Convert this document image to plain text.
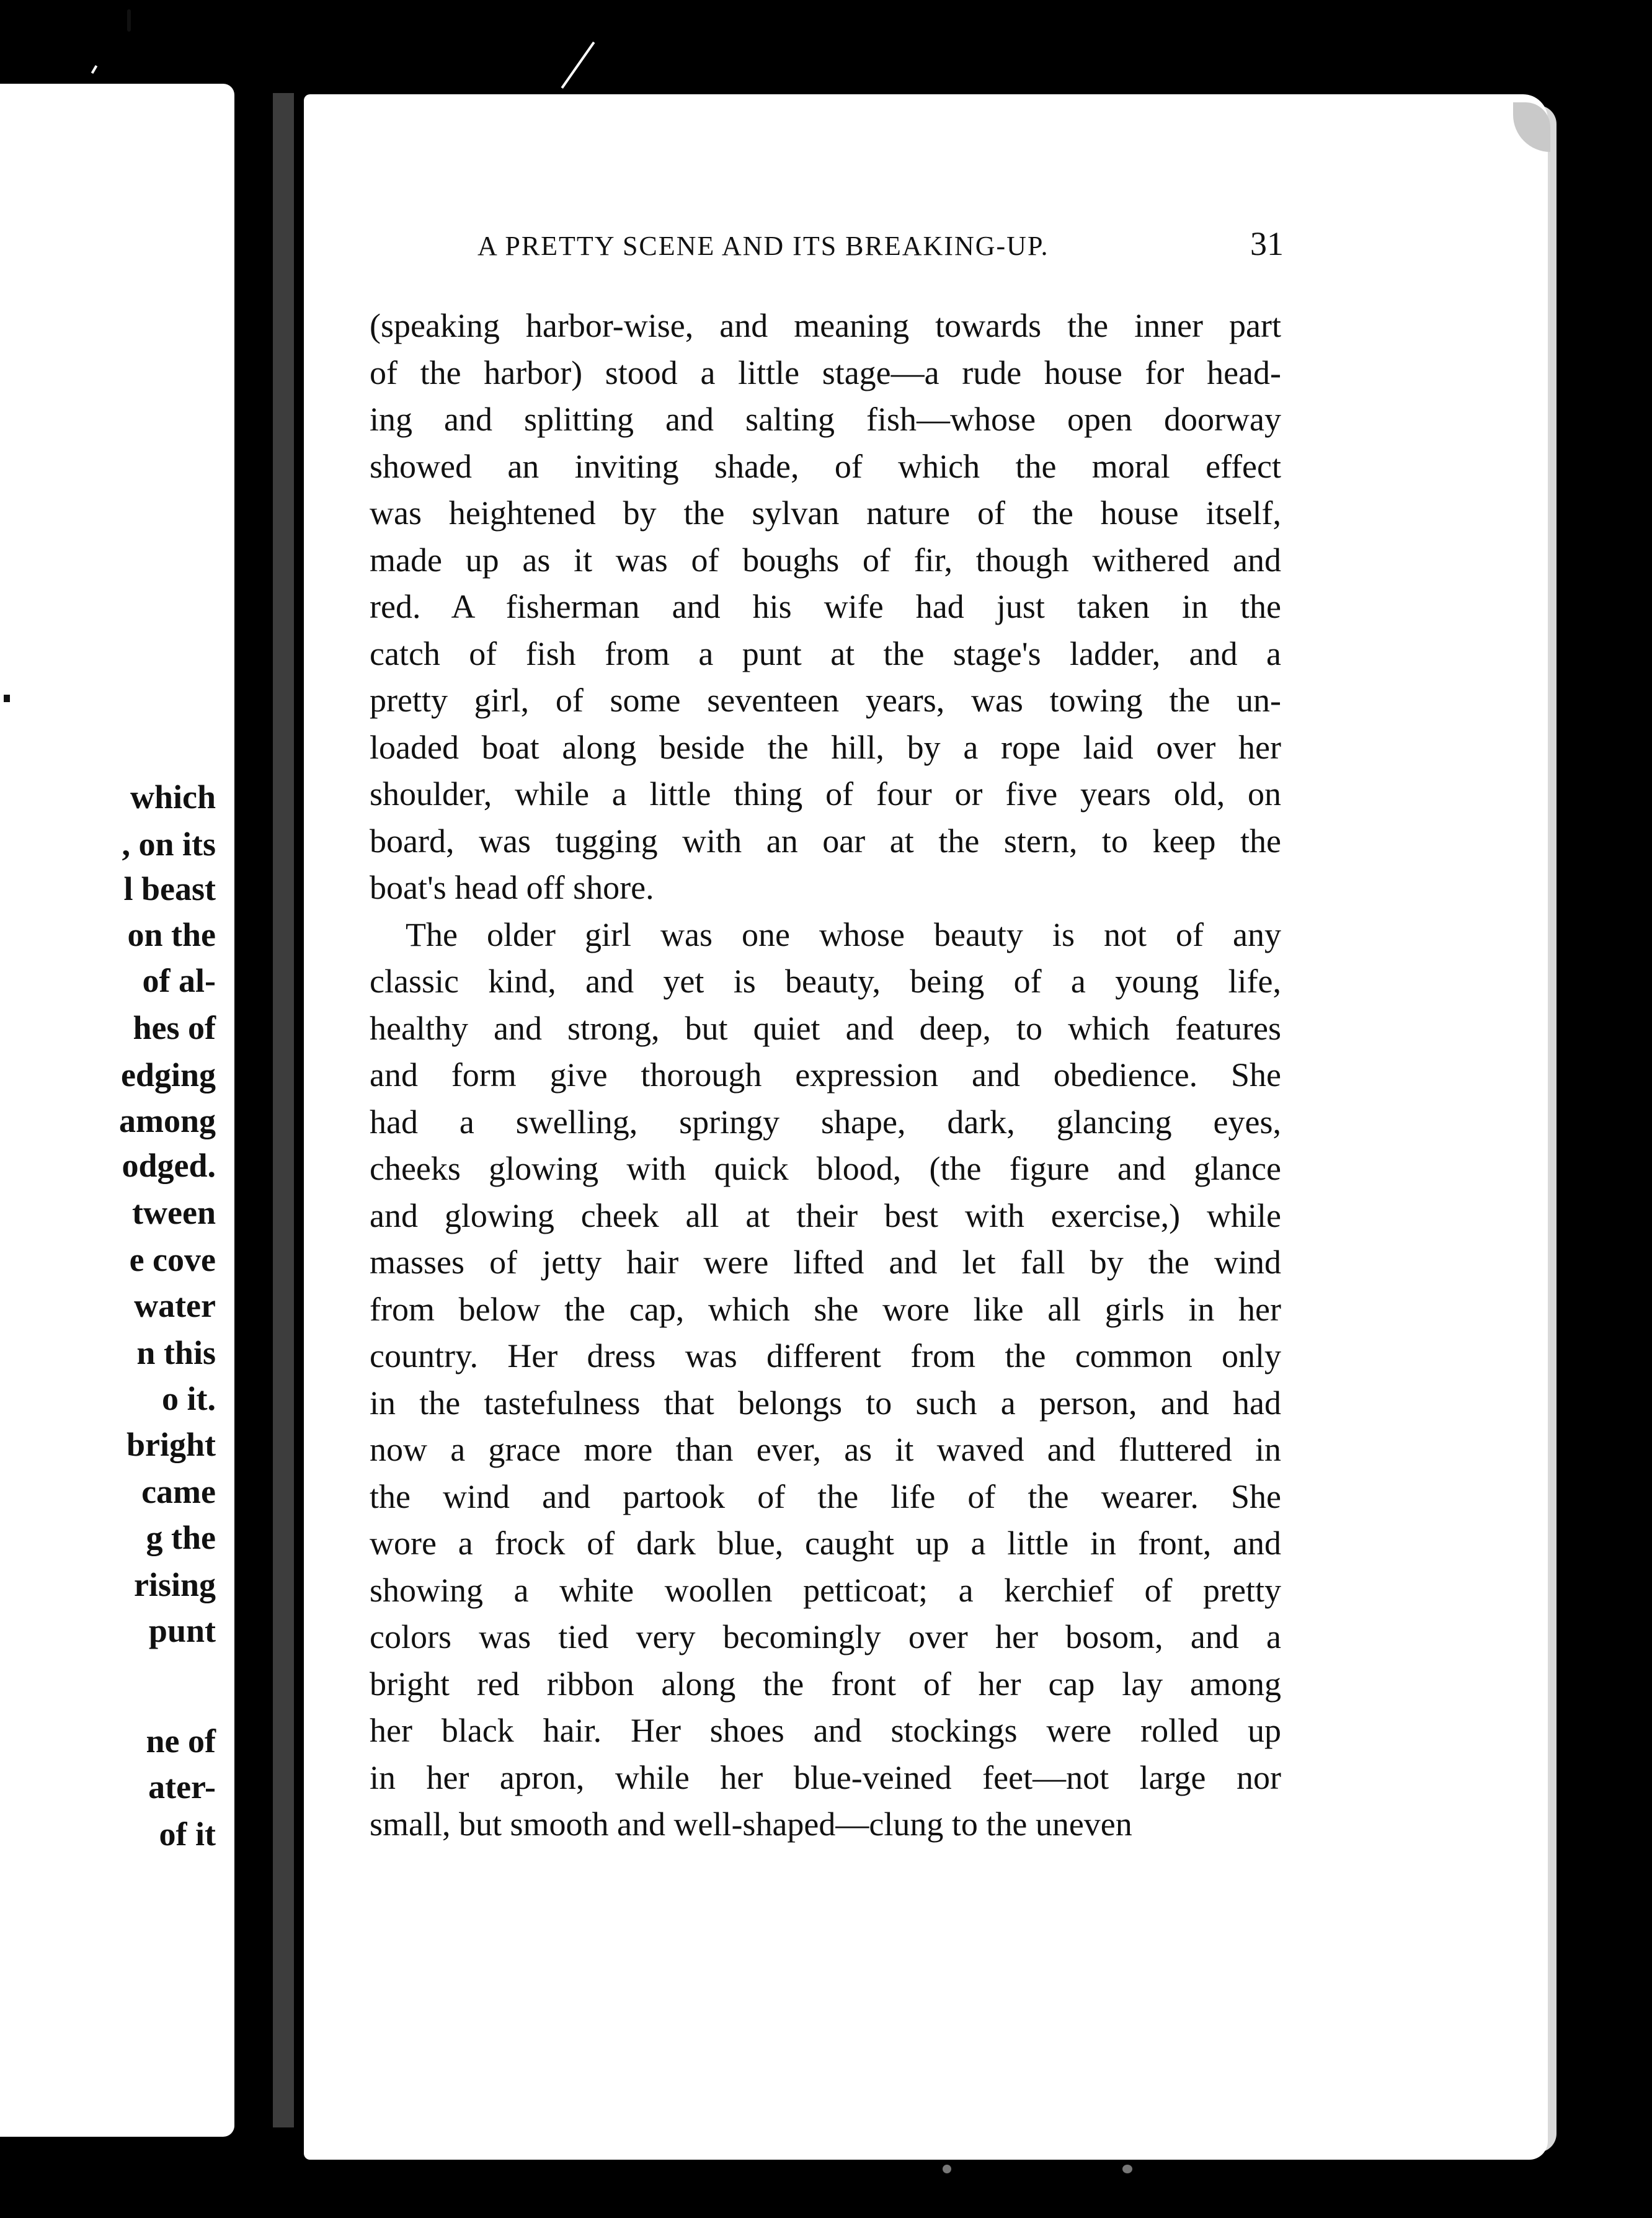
which
, on its
l beast
on the
of al-
hes of
edging
among
odged.
tween
e cove
water
n this
o it.
bright
came
g the
rising
punt
ne of
ater-
of it
A PRETTY SCENE AND ITS BREAKING-UP.	31
(speaking harbor-wise, and meaning towards the inner part
of the harbor) stood a little stage—a rude house for head-
ing and splitting and salting fish—whose open doorway
showed an inviting shade, of which the moral effect
was heightened by the sylvan nature of the house itself,
made up as it was of boughs of fir, though withered and
red. A fisherman and his wife had just taken in the
catch of fish from a punt at the stage's ladder, and a
pretty girl, of some seventeen years, was towing the un-
loaded boat along beside the hill, by a rope laid over her
shoulder, while a little thing of four or five years old, on
board, was tugging with an oar at the stern, to keep the
boat's head off shore.
The older girl was one whose beauty is not of any
classic kind, and yet is beauty, being of a young life,
healthy and strong, but quiet and deep, to which features
and form give thorough expression and obedience. She
had a swelling, springy shape, dark, glancing eyes,
cheeks glowing with quick blood, (the figure and glance
and glowing cheek all at their best with exercise,) while
masses of jetty hair were lifted and let fall by the wind
from below the cap, which she wore like all girls in her
country. Her dress was different from the common only
in the tastefulness that belongs to such a person, and had
now a grace more than ever, as it waved and fluttered in
the wind and partook of the life of the wearer. She
wore a frock of dark blue, caught up a little in front, and
showing a white woollen petticoat; a kerchief of pretty
colors was tied very becomingly over her bosom, and a
bright red ribbon along the front of her cap lay among
her black hair. Her shoes and stockings were rolled up
in her apron, while her blue-veined feet—not large nor
small, but smooth and well-shaped—clung to the uneven
